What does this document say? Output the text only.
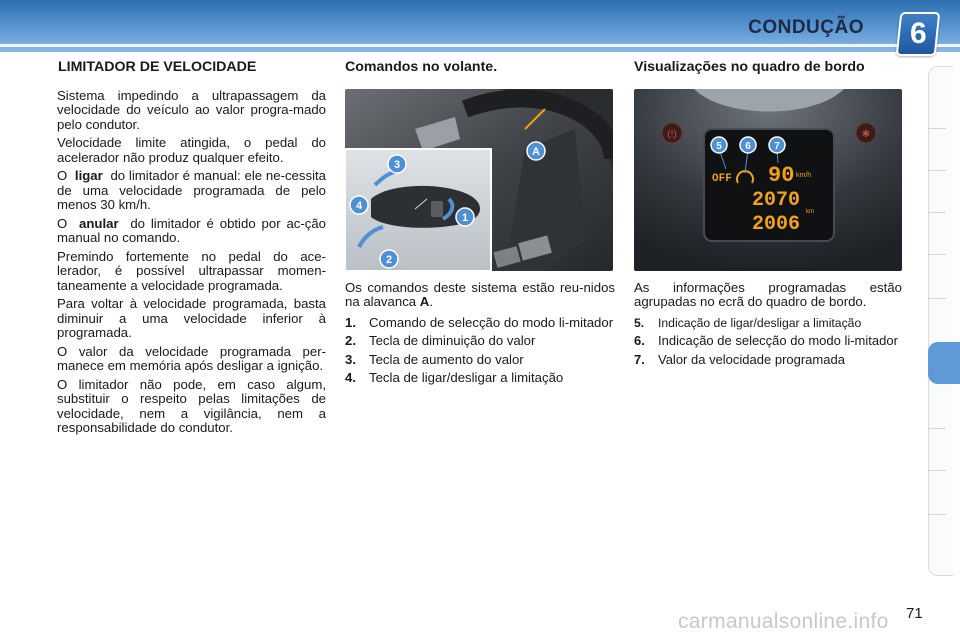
CONDUÇÃO 6
LIMITADOR DE VELOCIDADE

Sistema impedindo a ultrapassagem da velocidade do veículo ao valor progra-mado pelo condutor.

Velocidade limite atingida, o pedal do acelerador não produz qualquer efeito.

O ligar do limitador é manual: ele ne-cessita de uma velocidade programada de pelo menos 30 km/h.

O anular do limitador é obtido por ac-ção manual no comando.

Premindo fortemente no pedal do ace-lerador, é possível ultrapassar momen-taneamente a velocidade programada.

Para voltar à velocidade programada, basta diminuir a uma velocidade inferior à programada.

O valor da velocidade programada per-manece em memória após desligar a ignição.

O limitador não pode, em caso algum, substituir o respeito pelas limitações de velocidade, nem a vigilância, nem a responsabilidade do condutor.

Comandos no volante.
A
1
2
3
4

Os comandos deste sistema estão reu-nidos na alavanca A.

1. Comando de selecção do modo li-mitador
2. Tecla de diminuição do valor
3. Tecla de aumento do valor
4. Tecla de ligar/desligar a limitação
Visualizações no quadro de bordo
(!)	✱
OFF 90 km/h
2070
2006
km
5 6 7

As informações programadas estão agrupadas no ecrã do quadro de bordo.

5. Indicação de ligar/desligar a limitação
6. Indicação de selecção do modo li-mitador
7. Valor da velocidade programada
carmanualsonline.info 71
